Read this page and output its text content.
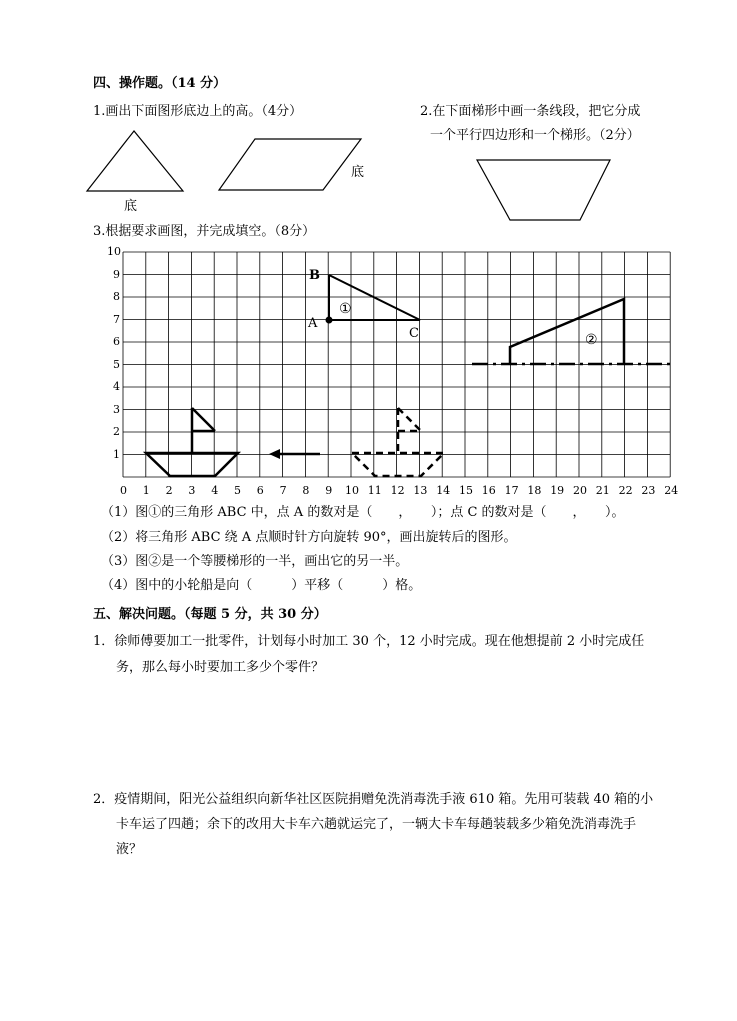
四、操作题。（14 分）
1.画出下面图形底边上的高。（4分）
底
底
2.在下面梯形中画一条线段，把它分成
一个平行四边形和一个梯形。（2分）
3.根据要求画图，并完成填空。（8分）
B
A
C
①
②
0 1 2 3 4 5 6 7 8 9 10 11 12 13 14 15 16 17 18 19 20 21 22 23 24
1
2
3
4
5
6
7
8
9
10
（1）图①的三角形 ABC 中，点 A 的数对是（　　，　　）；点 C 的数对是（　　，　　）。
（2）将三角形 ABC 绕 A 点顺时针方向旋转 90°，画出旋转后的图形。
（3）图②是一个等腰梯形的一半，画出它的另一半。
（4）图中的小轮船是向（　　　）平移（　　　）格。
五、解决问题。（每题 5 分，共 30 分）
1．徐师傅要加工一批零件，计划每小时加工 30 个，12 小时完成。现在他想提前 2 小时完成任
务，那么每小时要加工多少个零件？
2．疫情期间，阳光公益组织向新华社区医院捐赠免洗消毒洗手液 610 箱。先用可装载 40 箱的小
卡车运了四趟；余下的改用大卡车六趟就运完了，一辆大卡车每趟装载多少箱免洗消毒洗手
液？
